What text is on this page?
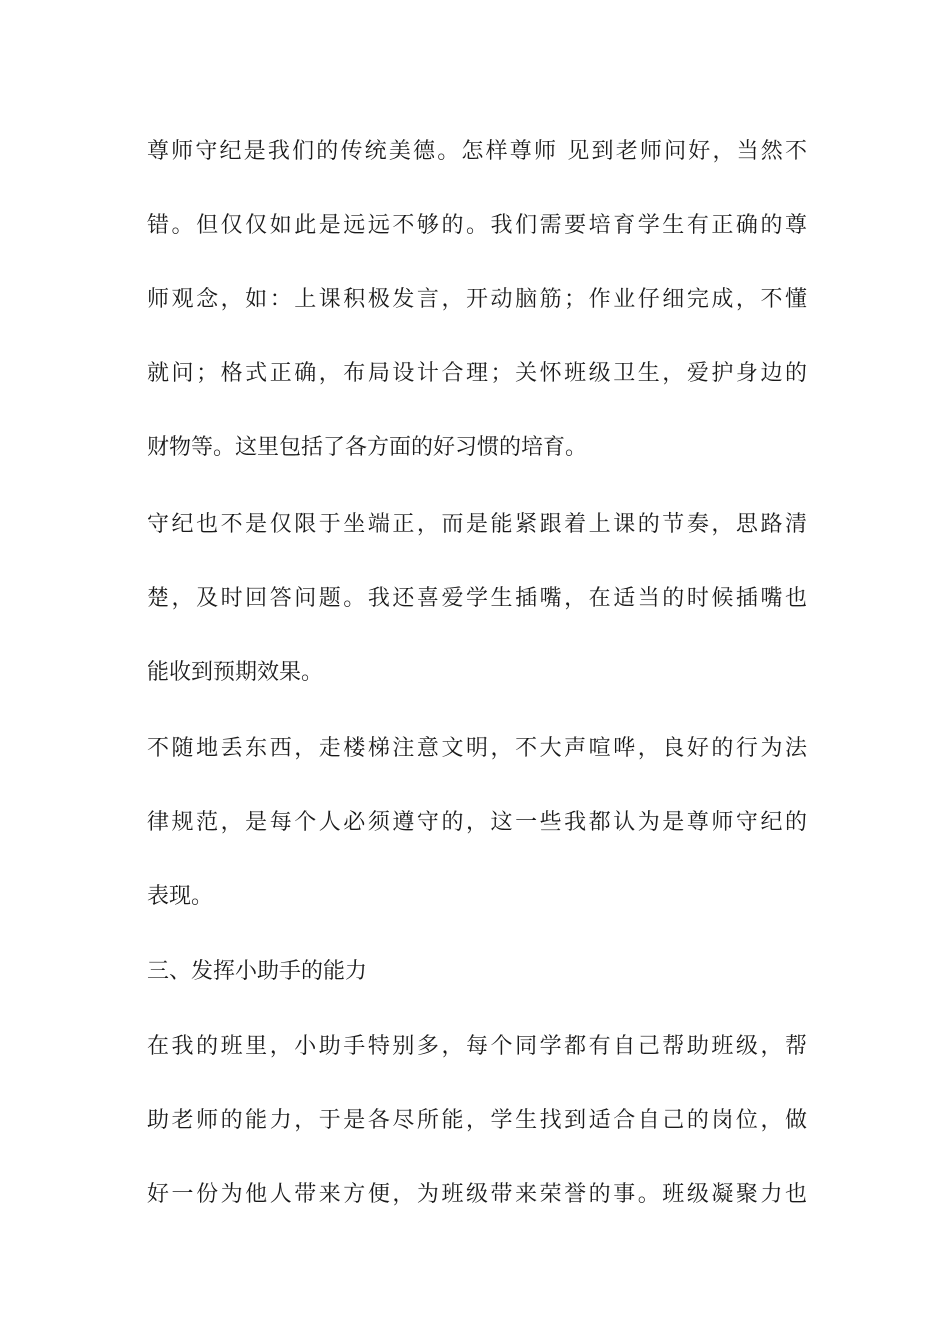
尊师守纪是我们的传统美德。怎样尊师 见到老师问好，当然不
错。但仅仅如此是远远不够的。我们需要培育学生有正确的尊
师观念，如：上课积极发言，开动脑筋；作业仔细完成，不懂
就问；格式正确，布局设计合理；关怀班级卫生，爱护身边的
财物等。这里包括了各方面的好习惯的培育。
守纪也不是仅限于坐端正，而是能紧跟着上课的节奏，思路清
楚，及时回答问题。我还喜爱学生插嘴，在适当的时候插嘴也
能收到预期效果。
不随地丢东西，走楼梯注意文明，不大声喧哗，良好的行为法
律规范，是每个人必须遵守的，这一些我都认为是尊师守纪的
表现。
三、发挥小助手的能力
在我的班里，小助手特别多，每个同学都有自己帮助班级，帮
助老师的能力，于是各尽所能，学生找到适合自己的岗位，做
好一份为他人带来方便，为班级带来荣誉的事。班级凝聚力也
